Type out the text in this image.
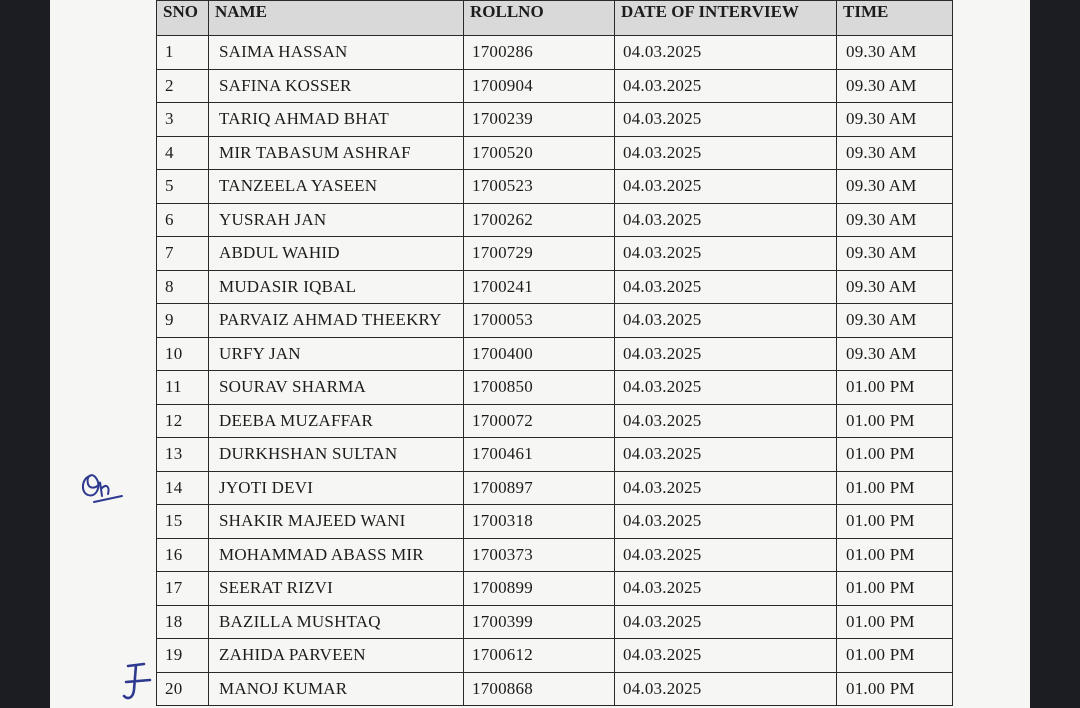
SNO	NAME	ROLLNO	DATE OF INTERVIEW	TIME
1	SAIMA HASSAN	1700286	04.03.2025	09.30 AM
2	SAFINA KOSSER	1700904	04.03.2025	09.30 AM
3	TARIQ AHMAD BHAT	1700239	04.03.2025	09.30 AM
4	MIR TABASUM ASHRAF	1700520	04.03.2025	09.30 AM
5	TANZEELA YASEEN	1700523	04.03.2025	09.30 AM
6	YUSRAH JAN	1700262	04.03.2025	09.30 AM
7	ABDUL WAHID	1700729	04.03.2025	09.30 AM
8	MUDASIR IQBAL	1700241	04.03.2025	09.30 AM
9	PARVAIZ AHMAD THEEKRY	1700053	04.03.2025	09.30 AM
10	URFY JAN	1700400	04.03.2025	09.30 AM
11	SOURAV SHARMA	1700850	04.03.2025	01.00 PM
12	DEEBA MUZAFFAR	1700072	04.03.2025	01.00 PM
13	DURKHSHAN SULTAN	1700461	04.03.2025	01.00 PM
14	JYOTI DEVI	1700897	04.03.2025	01.00 PM
15	SHAKIR MAJEED WANI	1700318	04.03.2025	01.00 PM
16	MOHAMMAD ABASS MIR	1700373	04.03.2025	01.00 PM
17	SEERAT RIZVI	1700899	04.03.2025	01.00 PM
18	BAZILLA MUSHTAQ	1700399	04.03.2025	01.00 PM
19	ZAHIDA PARVEEN	1700612	04.03.2025	01.00 PM
20	MANOJ KUMAR	1700868	04.03.2025	01.00 PM
